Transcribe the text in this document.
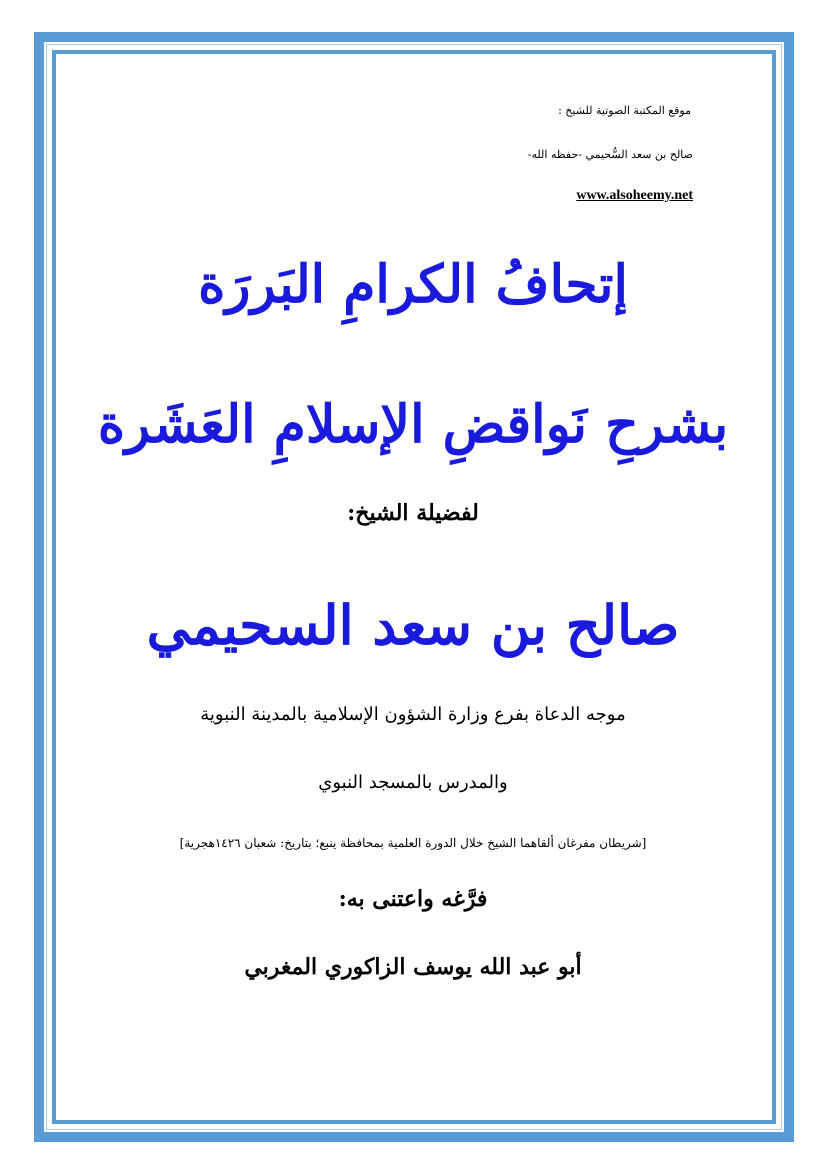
موقع المكتبة الصوتية للشيخ :

صالح بن سعد السُّحيمي -حفظه الله-

www.alsoheemy.net

إتحافُ الكرامِ البَررَة
بشرحِ نَواقضِ الإسلامِ العَشَرة

لفضيلة الشيخ:

صالح بن سعد السحيمي

موجه الدعاة بفرع وزارة الشؤون الإسلامية بالمدينة النبوية

والمدرس بالمسجد النبوي

[شريطان مفرغان ألقاهما الشيخ خلال الدورة العلمية بمحافظة ينبع؛ بتاريخ: شعبان ١٤٢٦هجرية]

فرَّغه واعتنى به:

أبو عبد الله يوسف الزاكوري المغربي
